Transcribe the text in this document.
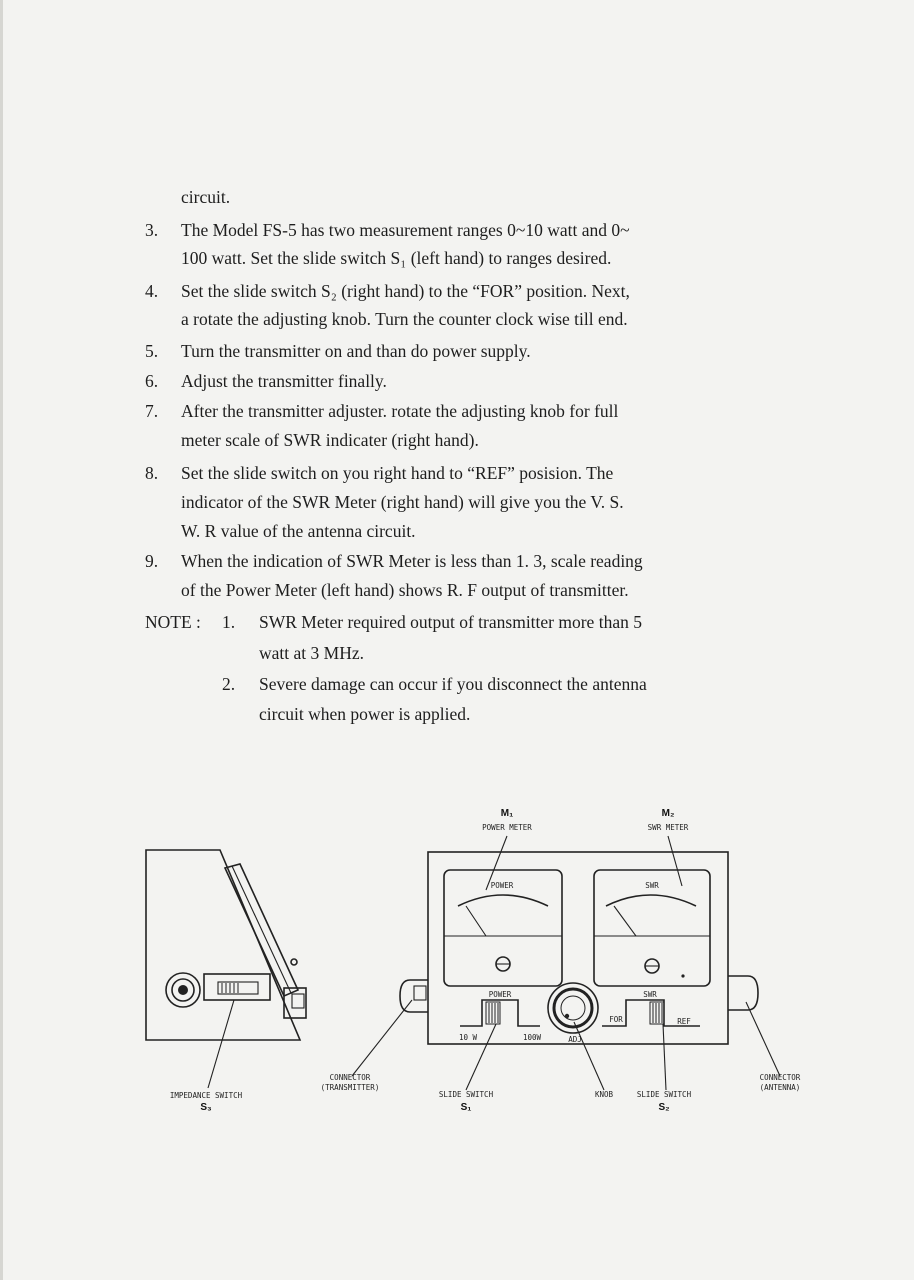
circuit.
3. The Model FS-5 has two measurement ranges 0~10 watt and 0~
100 watt. Set the slide switch S₁ (left hand) to ranges desired.
4. Set the slide switch S₂ (right hand) to the “FOR” position. Next,
a rotate the adjusting knob. Turn the counter clock wise till end.
5. Turn the transmitter on and than do power supply.
6. Adjust the transmitter finally.
7. After the transmitter adjuster. rotate the adjusting knob for full
meter scale of SWR indicater (right hand).
8. Set the slide switch on you right hand to “REF” posision. The
indicator of the SWR Meter (right hand) will give you the V. S.
W. R value of the antenna circuit.
9. When the indication of SWR Meter is less than 1. 3, scale reading
of the Power Meter (left hand) shows R. F output of transmitter.
NOTE : 1. SWR Meter required output of transmitter more than 5
watt at 3 MHz.
2. Severe damage can occur if you disconnect the antenna
circuit when power is applied.
M₁
POWER METER
M₂
SWR METER
POWER	SWR
POWER	SWR
10 W	100W	ADJ
FOR	REF
IMPEDANCE SWITCH
S₃
CONNECTOR
(TRANSMITTER)
SLIDE SWITCH
S₁
KNOB	SLIDE SWITCH
S₂
CONNECTOR
(ANTENNA)
